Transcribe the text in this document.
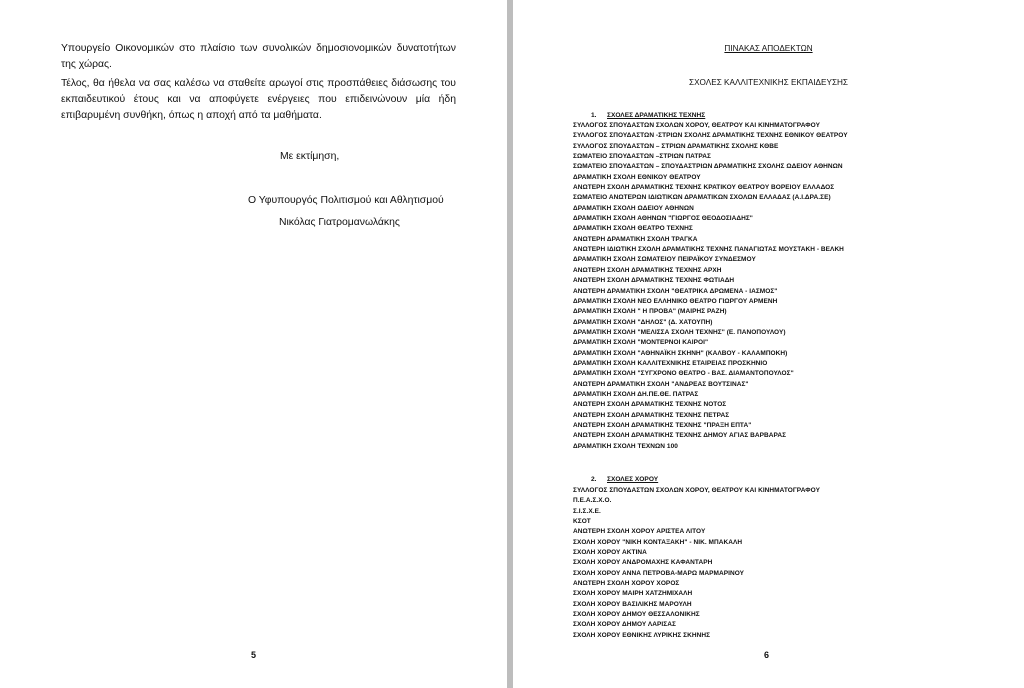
Υπουργείο Οικονομικών στο πλαίσιο των συνολικών δημοσιονομικών δυνατοτήτων της χώρας.

Τέλος, θα ήθελα να σας καλέσω να σταθείτε αρωγοί στις προσπάθειες διάσωσης του εκπαιδευτικού έτους και να αποφύγετε ενέργειες που επιδεινώνουν μία ήδη επιβαρυμένη συνθήκη, όπως η αποχή από τα μαθήματα.

Με εκτίμηση,
Ο Υφυπουργός Πολιτισμού και Αθλητισμού
Νικόλας Γιατρομανωλάκης
5
ΠΙΝΑΚΑΣ ΑΠΟΔΕΚΤΩΝ
ΣΧΟΛΕΣ ΚΑΛΛΙΤΕΧΝΙΚΗΣ ΕΚΠΑΙΔΕΥΣΗΣ
1. ΣΧΟΛΕΣ ΔΡΑΜΑΤΙΚΗΣ ΤΕΧΝΗΣ
ΣΥΛΛΟΓΟΣ ΣΠΟΥΔΑΣΤΩΝ ΣΧΟΛΩΝ ΧΟΡΟΥ, ΘΕΑΤΡΟΥ ΚΑΙ ΚΙΝΗΜΑΤΟΓΡΑΦΟΥ
ΣΥΛΛΟΓΟΣ ΣΠΟΥΔΑΣΤΩΝ -ΣΤΡΙΩΝ ΣΧΟΛΗΣ ΔΡΑΜΑΤΙΚΗΣ ΤΕΧΝΗΣ ΕΘΝΙΚΟΥ ΘΕΑΤΡΟΥ
ΣΥΛΛΟΓΟΣ ΣΠΟΥΔΑΣΤΩΝ – ΣΤΡΙΩΝ ΔΡΑΜΑΤΙΚΗΣ ΣΧΟΛΗΣ ΚΘΒΕ
ΣΩΜΑΤΕΙΟ ΣΠΟΥΔΑΣΤΩΝ –ΣΤΡΙΩΝ ΠΑΤΡΑΣ
ΣΩΜΑΤΕΙΟ ΣΠΟΥΔΑΣΤΩΝ – ΣΠΟΥΔΑΣΤΡΙΩΝ ΔΡΑΜΑΤΙΚΗΣ ΣΧΟΛΗΣ ΩΔΕΙΟΥ ΑΘΗΝΩΝ
ΔΡΑΜΑΤΙΚΗ ΣΧΟΛΗ ΕΘΝΙΚΟΥ ΘΕΑΤΡΟΥ
ΑΝΩΤΕΡΗ ΣΧΟΛΗ ΔΡΑΜΑΤΙΚΗΣ ΤΕΧΝΗΣ ΚΡΑΤΙΚΟΥ ΘΕΑΤΡΟΥ ΒΟΡΕΙΟΥ ΕΛΛΑΔΟΣ
ΣΩΜΑΤΕΙΟ ΑΝΩΤΕΡΩΝ ΙΔΙΩΤΙΚΩΝ ΔΡΑΜΑΤΙΚΩΝ ΣΧΟΛΩΝ ΕΛΛΑΔΑΣ (Α.Ι.ΔΡΑ.ΣΕ)
ΔΡΑΜΑΤΙΚΗ ΣΧΟΛΗ ΩΔΕΙΟΥ ΑΘΗΝΩΝ
ΔΡΑΜΑΤΙΚΗ ΣΧΟΛΗ ΑΘΗΝΩΝ "ΓΙΩΡΓΟΣ ΘΕΟΔΟΣΙΑΔΗΣ"
ΔΡΑΜΑΤΙΚΗ ΣΧΟΛΗ ΘΕΑΤΡΟ ΤΕΧΝΗΣ
ΑΝΩΤΕΡΗ ΔΡΑΜΑΤΙΚΗ ΣΧΟΛΗ ΤΡΑΓΚΑ
ΑΝΩΤΕΡΗ ΙΔΙΩΤΙΚΗ ΣΧΟΛΗ ΔΡΑΜΑΤΙΚΗΣ ΤΕΧΝΗΣ ΠΑΝΑΓΙΩΤΑΣ ΜΟΥΣΤΑΚΗ - ΒΕΛΚΗ
ΔΡΑΜΑΤΙΚΗ ΣΧΟΛΗ ΣΩΜΑΤΕΙΟΥ ΠΕΙΡΑΪΚΟΥ ΣΥΝΔΕΣΜΟΥ
ΑΝΩΤΕΡΗ ΣΧΟΛΗ ΔΡΑΜΑΤΙΚΗΣ ΤΕΧΝΗΣ ΑΡΧΗ
ΑΝΩΤΕΡΗ ΣΧΟΛΗ ΔΡΑΜΑΤΙΚΗΣ ΤΕΧΝΗΣ ΦΩΤΙΑΔΗ
ΑΝΩΤΕΡΗ ΔΡΑΜΑΤΙΚΗ ΣΧΟΛΗ "ΘΕΑΤΡΙΚΑ ΔΡΩΜΕΝΑ - ΙΑΣΜΟΣ"
ΔΡΑΜΑΤΙΚΗ ΣΧΟΛΗ ΝΕΟ ΕΛΛΗΝΙΚΟ ΘΕΑΤΡΟ ΓΙΩΡΓΟΥ ΑΡΜΕΝΗ
ΔΡΑΜΑΤΙΚΗ ΣΧΟΛΗ " Η ΠΡΟΒΑ" (ΜΑΙΡΗΣ ΡΑΖΗ)
ΔΡΑΜΑΤΙΚΗ ΣΧΟΛΗ "ΔΗΛΟΣ" (Δ. ΧΑΤΟΥΠΗ)
ΔΡΑΜΑΤΙΚΗ ΣΧΟΛΗ "ΜΕΛΙΣΣΑ ΣΧΟΛΗ ΤΕΧΝΗΣ" (Ε. ΠΑΝΟΠΟΥΛΟΥ)
ΔΡΑΜΑΤΙΚΗ ΣΧΟΛΗ "ΜΟΝΤΕΡΝΟΙ ΚΑΙΡΟΙ"
ΔΡΑΜΑΤΙΚΗ ΣΧΟΛΗ "ΑΘΗΝΑΪΚΗ ΣΚΗΝΗ" (ΚΑΛΒΟΥ - ΚΑΛΑΜΠΟΚΗ)
ΔΡΑΜΑΤΙΚΗ ΣΧΟΛΗ ΚΑΛΛΙΤΕΧΝΙΚΗΣ ΕΤΑΙΡΕΙΑΣ ΠΡΟΣΚΗΝΙΟ
ΔΡΑΜΑΤΙΚΗ ΣΧΟΛΗ "ΣΥΓΧΡΟΝΟ ΘΕΑΤΡΟ - ΒΑΣ. ΔΙΑΜΑΝΤΟΠΟΥΛΟΣ"
ΑΝΩΤΕΡΗ ΔΡΑΜΑΤΙΚΗ ΣΧΟΛΗ "ΑΝΔΡΕΑΣ ΒΟΥΤΣΙΝΑΣ"
ΔΡΑΜΑΤΙΚΗ ΣΧΟΛΗ ΔΗ.ΠΕ.ΘΕ. ΠΑΤΡΑΣ
ΑΝΩΤΕΡΗ ΣΧΟΛΗ ΔΡΑΜΑΤΙΚΗΣ ΤΕΧΝΗΣ ΝΟΤΟΣ
ΑΝΩΤΕΡΗ ΣΧΟΛΗ ΔΡΑΜΑΤΙΚΗΣ ΤΕΧΝΗΣ ΠΕΤΡΑΣ
ΑΝΩΤΕΡΗ ΣΧΟΛΗ ΔΡΑΜΑΤΙΚΗΣ ΤΕΧΝΗΣ "ΠΡΑΞΗ ΕΠΤΑ"
ΑΝΩΤΕΡΗ ΣΧΟΛΗ ΔΡΑΜΑΤΙΚΗΣ ΤΕΧΝΗΣ ΔΗΜΟΥ ΑΓΙΑΣ ΒΑΡΒΑΡΑΣ
ΔΡΑΜΑΤΙΚΗ ΣΧΟΛΗ ΤΕΧΝΩΝ 100
2. ΣΧΟΛΕΣ ΧΟΡΟΥ
ΣΥΛΛΟΓΟΣ ΣΠΟΥΔΑΣΤΩΝ ΣΧΟΛΩΝ ΧΟΡΟΥ, ΘΕΑΤΡΟΥ ΚΑΙ ΚΙΝΗΜΑΤΟΓΡΑΦΟΥ
Π.Ε.Α.Σ.Χ.Ο.
Σ.Ι.Σ.Χ.Ε.
ΚΣΟΤ
ΑΝΩΤΕΡΗ ΣΧΟΛΗ ΧΟΡΟΥ ΑΡΙΣΤΕΑ ΛΙΤΟΥ
ΣΧΟΛΗ ΧΟΡΟΥ "ΝΙΚΗ ΚΟΝΤΑΞΑΚΗ" - ΝΙΚ. ΜΠΑΚΑΛΗ
ΣΧΟΛΗ ΧΟΡΟΥ ΑΚΤΙΝΑ
ΣΧΟΛΗ ΧΟΡΟΥ ΑΝΔΡΟΜΑΧΗΣ ΚΑΦΑΝΤΑΡΗ
ΣΧΟΛΗ ΧΟΡΟΥ ΑΝΝΑ ΠΕΤΡΟΒΑ-ΜΑΡΩ ΜΑΡΜΑΡΙΝΟΥ
ΑΝΩΤΕΡΗ ΣΧΟΛΗ ΧΟΡΟΥ ΧΟΡΟΣ
ΣΧΟΛΗ ΧΟΡΟΥ ΜΑΙΡΗ ΧΑΤΖΗΜΙΧΑΛΗ
ΣΧΟΛΗ ΧΟΡΟΥ ΒΑΣΙΛΙΚΗΣ ΜΑΡΟΥΛΗ
ΣΧΟΛΗ ΧΟΡΟΥ ΔΗΜΟΥ ΘΕΣΣΑΛΟΝΙΚΗΣ
ΣΧΟΛΗ ΧΟΡΟΥ ΔΗΜΟΥ ΛΑΡΙΣΑΣ
ΣΧΟΛΗ ΧΟΡΟΥ ΕΘΝΙΚΗΣ ΛΥΡΙΚΗΣ ΣΚΗΝΗΣ
6
